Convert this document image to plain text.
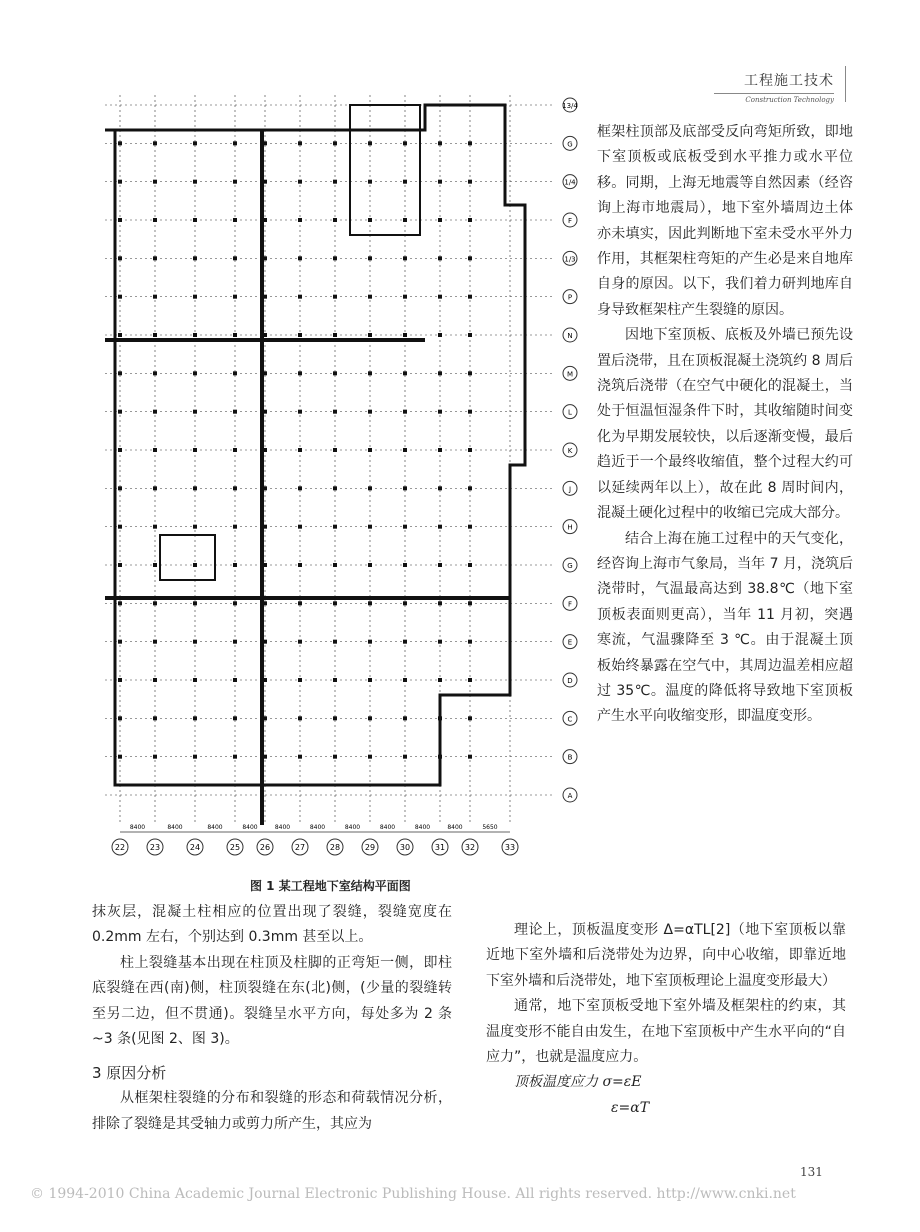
工程施工技术
Construction Technology
13/4
G
1/4
F
1/3
P
N
M
L
K
J
H
G
F
E
D
C
B
A
22	23	24	25 26	27	28	29	30	31 32	33
8400	8400	8400	8400	8400	8400	8400	8400	8400	8400	5650
图 1 某工程地下室结构平面图

框架柱顶部及底部受反向弯矩所致，即地下室顶板或底板受到水平推力或水平位移。同期，上海无地震等自然因素（经咨询上海市地震局），地下室外墙周边土体亦未填实，因此判断地下室未受水平外力作用，其框架柱弯矩的产生必是来自地库自身的原因。以下，我们着力研判地库自身导致框架柱产生裂缝的原因。

因地下室顶板、底板及外墙已预先设置后浇带，且在顶板混凝土浇筑约 8 周后浇筑后浇带（在空气中硬化的混凝土，当处于恒温恒湿条件下时，其收缩随时间变化为早期发展较快，以后逐渐变慢，最后趋近于一个最终收缩值，整个过程大约可以延续两年以上），故在此 8 周时间内，混凝土硬化过程中的收缩已完成大部分。

结合上海在施工过程中的天气变化，经咨询上海市气象局，当年 7 月，浇筑后浇带时，气温最高达到 38.8℃（地下室顶板表面则更高），当年 11 月初，突遇寒流，气温骤降至 3 ℃。由于混凝土顶板始终暴露在空气中，其周边温差相应超过 35℃。温度的降低将导致地下室顶板产生水平向收缩变形，即温度变形。

抹灰层，混凝土柱相应的位置出现了裂缝，裂缝宽度在 0.2mm 左右，个别达到 0.3mm 甚至以上。

柱上裂缝基本出现在柱顶及柱脚的正弯矩一侧，即柱底裂缝在西(南)侧，柱顶裂缝在东(北)侧，(少量的裂缝转至另二边，但不贯通)。裂缝呈水平方向，每处多为 2 条 ~3 条(见图 2、图 3)。

3 原因分析

从框架柱裂缝的分布和裂缝的形态和荷载情况分析，排除了裂缝是其受轴力或剪力所产生，其应为

理论上，顶板温度变形 Δ=αTL[2]（地下室顶板以靠近地下室外墙和后浇带处为边界，向中心收缩，即靠近地下室外墙和后浇带处，地下室顶板理论上温度变形最大）

通常，地下室顶板受地下室外墙及框架柱的约束，其温度变形不能自由发生，在地下室顶板中产生水平向的“自应力”，也就是温度应力。

顶板温度应力 σ=εE

ε=αT

131
© 1994-2010 China Academic Journal Electronic Publishing House. All rights reserved. http://www.cnki.net
